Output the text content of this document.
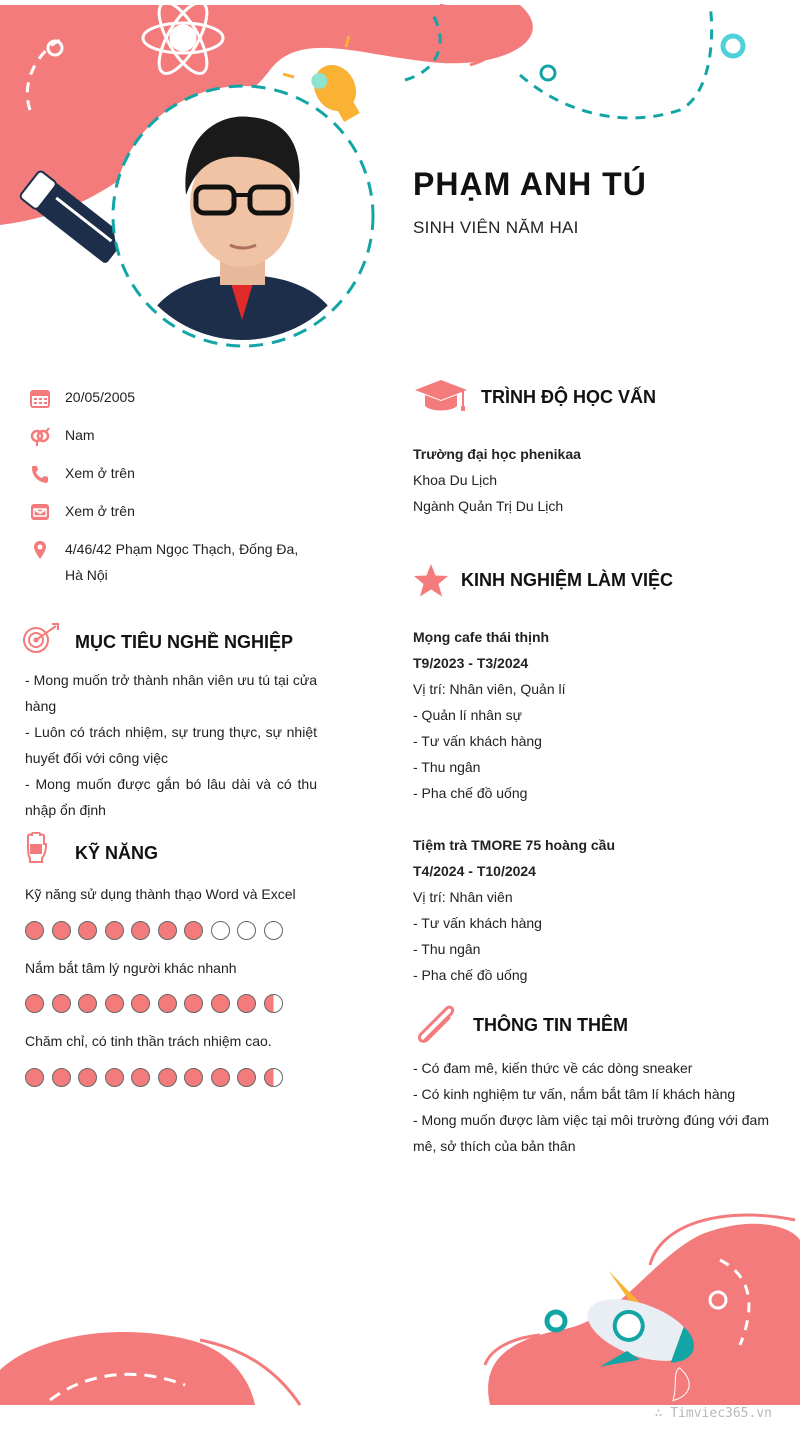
PHẠM ANH TÚ
SINH VIÊN NĂM HAI
20/05/2005
Nam
Xem ở trên
Xem ở trên
4/46/42 Phạm Ngọc Thạch, Đống Đa, Hà Nội
MỤC TIÊU NGHỀ NGHIỆP
- Mong muốn trở thành nhân viên ưu tú tại cửa hàng
- Luôn có trách nhiệm, sự trung thực, sự nhiệt huyết đối với công việc
- Mong muốn được gắn bó lâu dài và có thu nhập ổn định
KỸ NĂNG
Kỹ năng sử dụng thành thạo Word và Excel
Nắm bắt tâm lý người khác nhanh
Chăm chỉ, có tinh thần trách nhiệm cao.
TRÌNH ĐỘ HỌC VẤN
Trường đại học phenikaa
Khoa Du Lịch
Ngành Quản Trị Du Lịch
KINH NGHIỆM LÀM VIỆC
Mọng cafe thái thịnh
T9/2023 - T3/2024
Vị trí: Nhân viên, Quản lí
- Quản lí nhân sự
- Tư vấn khách hàng
- Thu ngân
- Pha chế đồ uống
Tiệm trà TMORE 75 hoàng cầu
T4/2024 - T10/2024
Vị trí: Nhân viên
- Tư vấn khách hàng
- Thu ngân
- Pha chế đồ uống
THÔNG TIN THÊM
- Có đam mê, kiến thức về các dòng sneaker
- Có kinh nghiệm tư vấn, nắm bắt tâm lí khách hàng
- Mong muốn được làm việc tại môi trường đúng với đam mê, sở thích của bản thân
∴ Timviec365.vn
